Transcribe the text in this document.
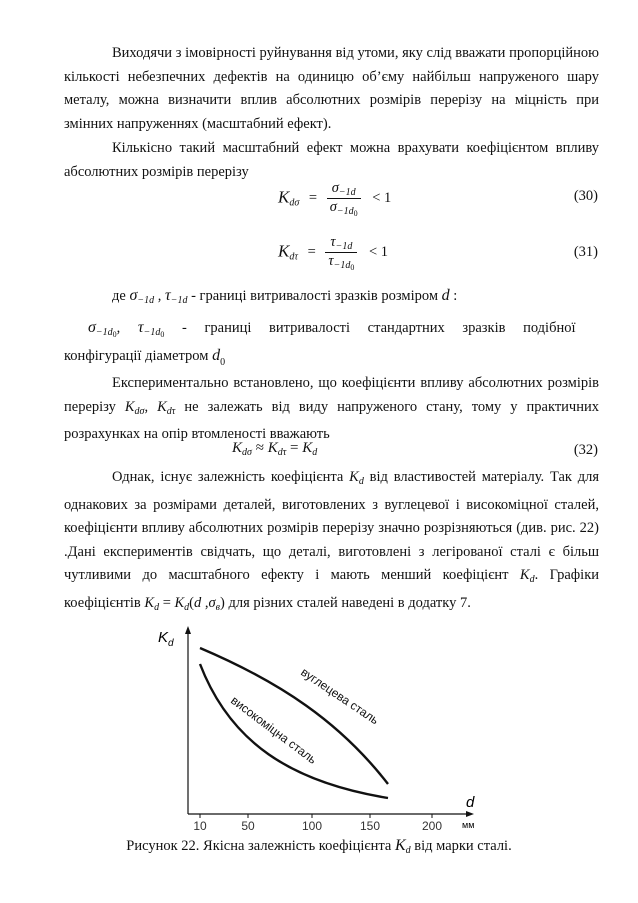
Виходячи з імовірності руйнування від утоми, яку слід вважати пропорційною кількості небезпечних дефектів на одиницю об’єму найбільш напруженого шару металу, можна визначити вплив абсолютних розмірів перерізу на міцність при змінних напруженнях (масштабний ефект).
Кількісно такий масштабний ефект можна врахувати коефіцієнтом впливу абсолютних розмірів перерізу
$K_{d\sigma} = \frac{\sigma_{-1d}}{\sigma_{-1d0}} < 1$	(30)
$K_{d\tau} = \frac{\tau_{-1d}}{\tau_{-1d0}} < 1$	(31)
де $\sigma_{-1d}$ , $\tau_{-1d}$ - границі витривалості зразків розміром d :
$\sigma_{-1d0}$, $\tau_{-1d0}$ - границі витривалості стандартних зразків подібної
конфігурації діаметром $d_0$
Експериментально встановлено, що коефіцієнти впливу абсолютних розмірів перерізу $K_{d\sigma}$, $K_{d\tau}$ не залежать від виду напруженого стану, тому у практичних розрахунках на опір втомленості вважають
$K_{d\sigma} \approx K_{d\tau} = K_d$	(32)
Однак, існує залежність коефіцієнта $K_d$ від властивостей матеріалу. Так для однакових за розмірами деталей, виготовлених з вуглецевої і високоміцної сталей, коефіцієнти впливу абсолютних розмірів перерізу значно розрізняються (див. рис. 22) .Дані експериментів свідчать, що деталі, виготовлені з легірованої сталі є більш чутливими до масштабного ефекту і мають менший коефіцієнт $K_d$. Графіки коефіцієнтів $K_d = K_d(d$ $,\sigma_в$) для різних сталей наведені в додатку 7.
$K_d$
d
мм
10	50	100	150	200
вуглецева сталь
високоміцна сталь
Рисунок 22. Якісна залежність коефіцієнта $K_d$ від марки сталі.
